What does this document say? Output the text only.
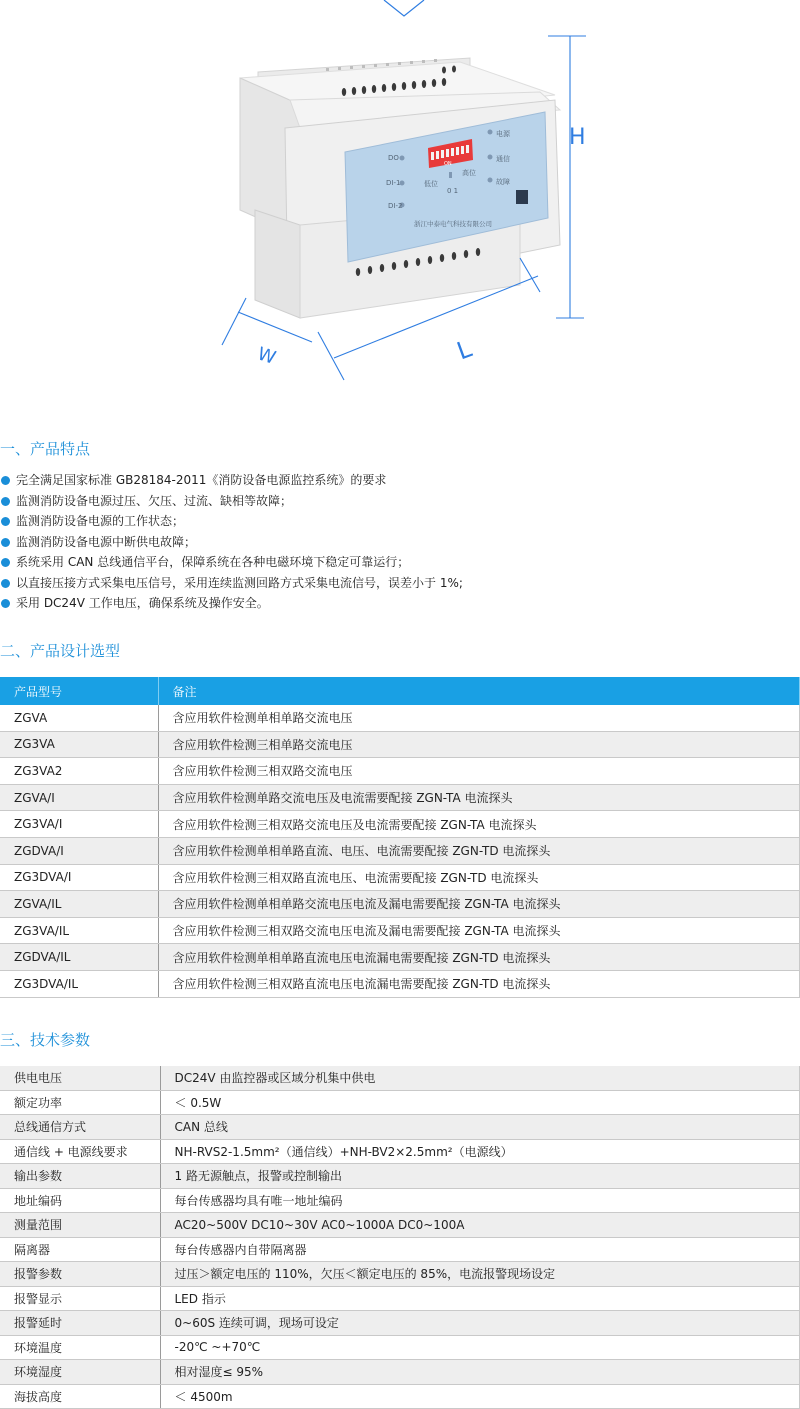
DO
DI-1
DI-2
低位
高位
ON
0 1
电源
通信
故障
浙江中泰电气科技有限公司
H
L
W
一、产品特点
完全满足国家标准 GB28184-2011《消防设备电源监控系统》的要求
监测消防设备电源过压、欠压、过流、缺相等故障；
监测消防设备电源的工作状态；
监测消防设备电源中断供电故障；
系统采用 CAN 总线通信平台，保障系统在各种电磁环境下稳定可靠运行；
以直接压接方式采集电压信号，采用连续监测回路方式采集电流信号，误差小于 1%;
采用 DC24V 工作电压，确保系统及操作安全。
二、产品设计选型
产品型号	备注
ZGVA	含应用软件检测单相单路交流电压
ZG3VA	含应用软件检测三相单路交流电压
ZG3VA2	含应用软件检测三相双路交流电压
ZGVA/I	含应用软件检测单路交流电压及电流需要配接 ZGN-TA 电流探头
ZG3VA/I	含应用软件检测三相双路交流电压及电流需要配接 ZGN-TA 电流探头
ZGDVA/I	含应用软件检测单相单路直流、电压、电流需要配接 ZGN-TD 电流探头
ZG3DVA/I	含应用软件检测三相双路直流电压、电流需要配接 ZGN-TD 电流探头
ZGVA/IL	含应用软件检测单相单路交流电压电流及漏电需要配接 ZGN-TA 电流探头
ZG3VA/IL	含应用软件检测三相双路交流电压电流及漏电需要配接 ZGN-TA 电流探头
ZGDVA/IL	含应用软件检测单相单路直流电压电流漏电需要配接 ZGN-TD 电流探头
ZG3DVA/IL	含应用软件检测三相双路直流电压电流漏电需要配接 ZGN-TD 电流探头
三、技术参数
供电电压	DC24V 由监控器或区域分机集中供电
额定功率	＜ 0.5W
总线通信方式	CAN 总线
通信线 + 电源线要求	NH-RVS2-1.5mm²（通信线）+NH-BV2×2.5mm²（电源线）
输出参数	1 路无源触点，报警或控制输出
地址编码	每台传感器均具有唯一地址编码
测量范围	AC20~500V DC10~30V AC0~1000A DC0~100A
隔离器	每台传感器内自带隔离器
报警参数	过压＞额定电压的 110%，欠压＜额定电压的 85%，电流报警现场设定
报警显示	LED 指示
报警延时	0~60S 连续可调，现场可设定
环境温度	-20℃ ~+70℃
环境湿度	相对湿度≤ 95%
海拔高度	＜ 4500m
